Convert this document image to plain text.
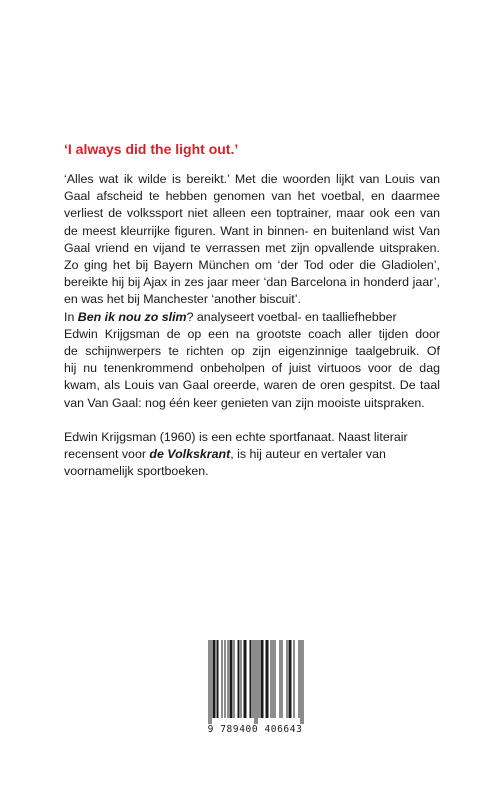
‘I always did the light out.’
‘Alles wat ik wilde is bereikt.’ Met die woorden lijkt van Louis van
Gaal afscheid te hebben genomen van het voetbal, en daarmee
verliest de volkssport niet alleen een toptrainer, maar ook een van
de meest kleurrijke figuren. Want in binnen- en buitenland wist Van
Gaal vriend en vijand te verrassen met zijn opvallende uitspraken.
Zo ging het bij Bayern München om ‘der Tod oder die Gladiolen’,
bereikte hij bij Ajax in zes jaar meer ‘dan Barcelona in honderd jaar’,
en was het bij Manchester ‘another biscuit’.
In Ben ik nou zo slim? analyseert voetbal- en taalliefhebber
Edwin Krijgsman de op een na grootste coach aller tijden door
de schijnwerpers te richten op zijn eigenzinnige taalgebruik. Of
hij nu tenenkrommend onbeholpen of juist virtuoos voor de dag
kwam, als Louis van Gaal oreerde, waren de oren gespitst. De taal
van Van Gaal: nog één keer genieten van zijn mooiste uitspraken.
Edwin Krijgsman (1960) is een echte sportfanaat. Naast literair
recensent voor de Volkskrant, is hij auteur en vertaler van
voornamelijk sportboeken.
9 789400 406643
